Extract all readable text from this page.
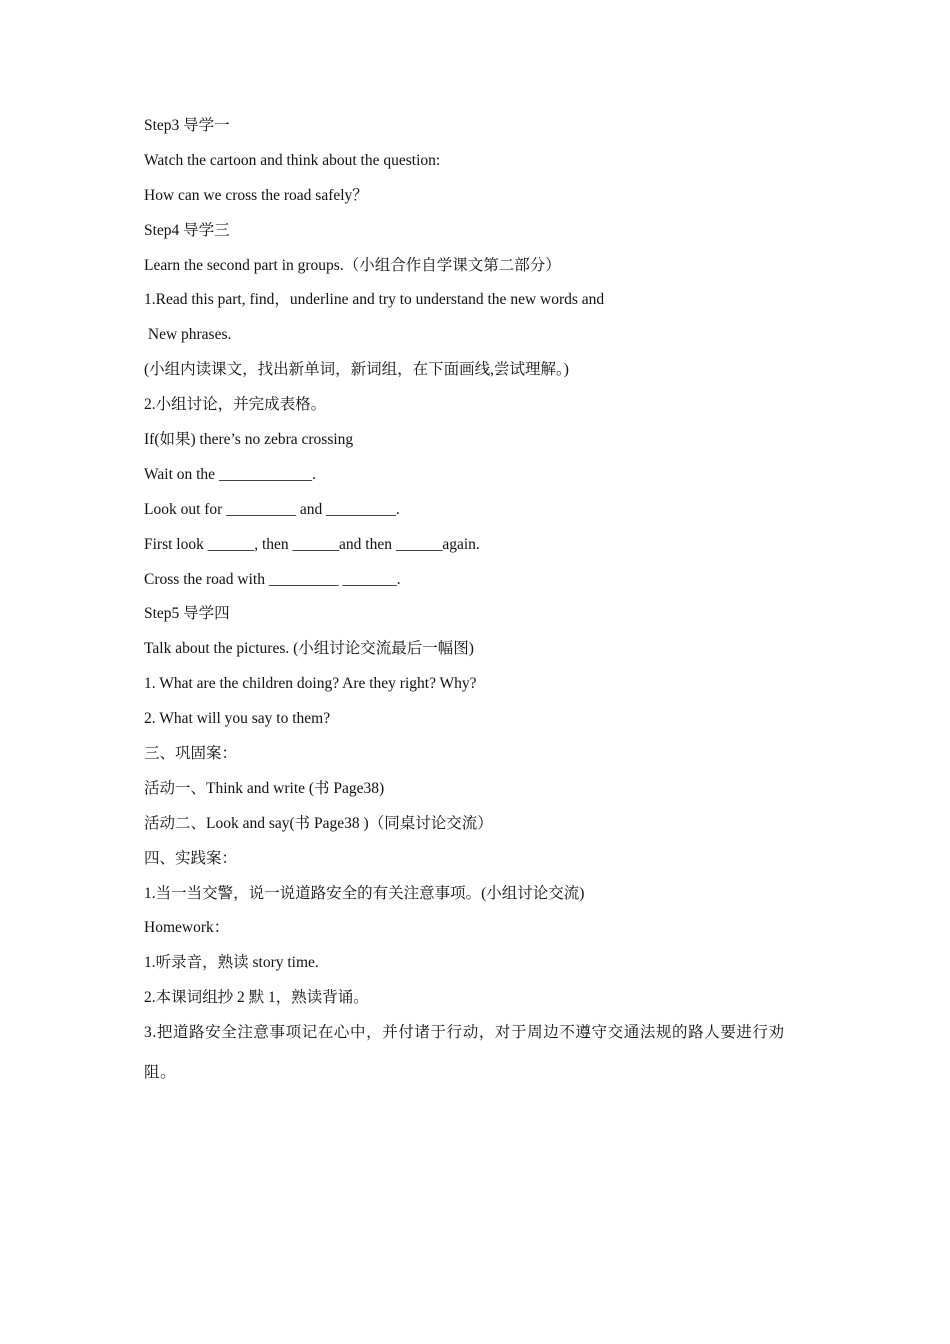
Step3 导学一
Watch the cartoon and think about the question:
How can we cross the road safely？
Step4 导学三
Learn the second part in groups.（小组合作自学课文第二部分）
1.Read this part, find，underline and try to understand the new words and
New phrases.
(小组内读课文，找出新单词，新词组，在下面画线,尝试理解。)
2.小组讨论，并完成表格。
If(如果) there’s no zebra crossing
Wait on the ____________.
Look out for _________ and _________.
First look ______, then ______and then ______again.
Cross the road with _________ _______.
Step5 导学四
Talk about the pictures. (小组讨论交流最后一幅图)
1. What are the children doing? Are they right? Why?
2. What will you say to them?
三、巩固案：
活动一、Think and write (书 Page38)
活动二、Look and say(书 Page38 )（同桌讨论交流）
四、实践案：
1.当一当交警，说一说道路安全的有关注意事项。(小组讨论交流)
Homework：
1.听录音，熟读 story time.
2.本课词组抄 2 默 1，熟读背诵。
3.把道路安全注意事项记在心中，并付诸于行动，对于周边不遵守交通法规的路人要进行劝阻。
